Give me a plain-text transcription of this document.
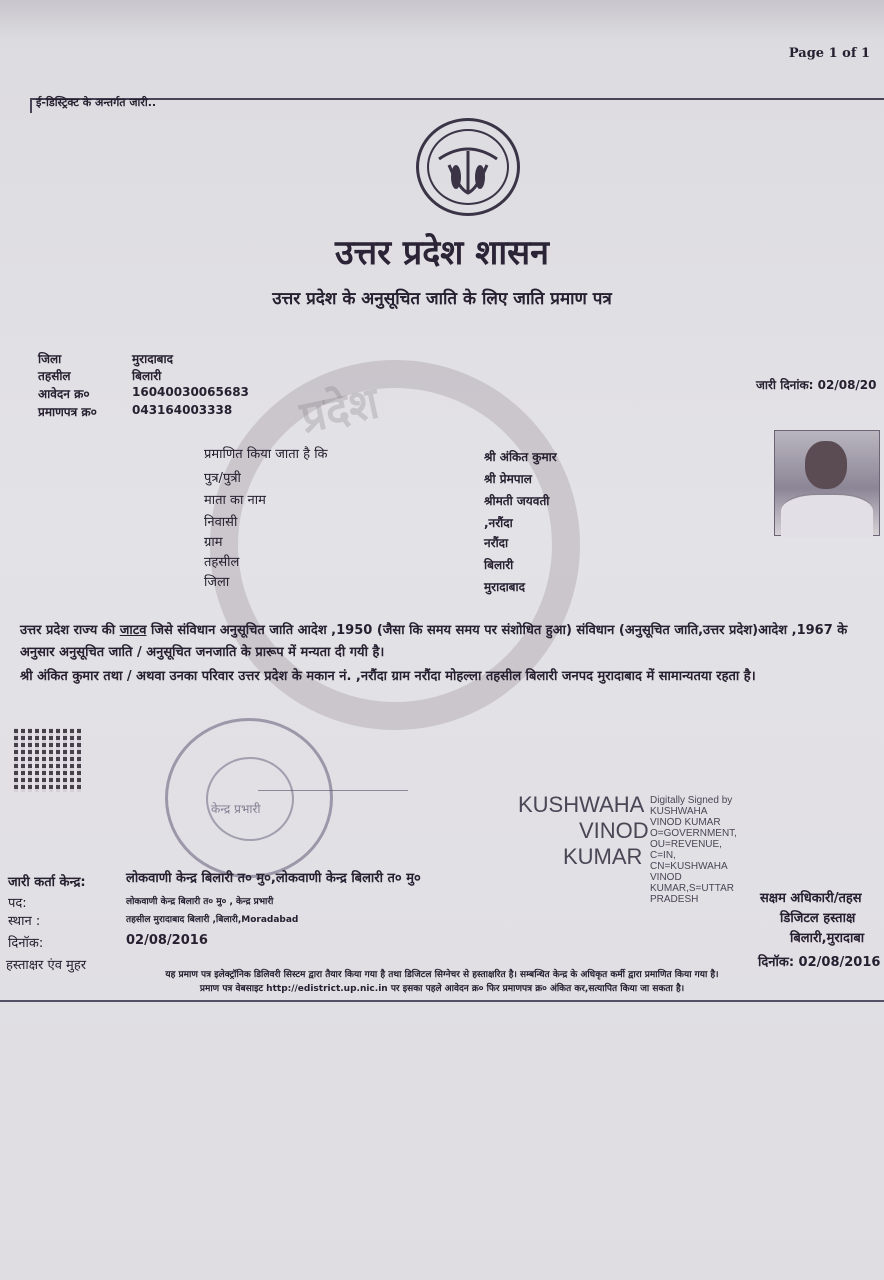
Page 1 of 1
ई-डिस्ट्रिक्ट के अन्तर्गत जारी..
प्रदेश
उत्तर प्रदेश शासन
उत्तर प्रदेश के अनुसूचित जाति के लिए जाति प्रमाण पत्र
जिला	मुरादाबाद
तहसील	बिलारी
आवेदन क्र०	16040030065683
प्रमाणपत्र क्र०	043164003338
जारी दिनांक: 02/08/20
प्रमाणित किया जाता है कि	श्री अंकित कुमार
पुत्र/पुत्री	श्री प्रेमपाल
माता का नाम	श्रीमती जयवती
निवासी	,नरौंदा
ग्राम	नरौंदा
तहसील	बिलारी
जिला	मुरादाबाद
उत्तर प्रदेश राज्य की जाटव जिसे संविधान अनुसूचित जाति आदेश ,1950 (जैसा कि समय समय पर संशोधित हुआ) संविधान (अनुसूचित जाति,उत्तर प्रदेश)आदेश ,1967 के अनुसार अनुसूचित जाति / अनुसूचित जनजाति के प्रारूप में मन्यता दी गयी है।
श्री अंकित कुमार तथा / अथवा उनका परिवार उत्तर प्रदेश के मकान नं. ,नरौंदा ग्राम नरौंदा मोहल्ला तहसील बिलारी जनपद मुरादाबाद में सामान्यतया रहता है।
केन्द्र प्रभारी	KUSHWAHA
VINOD
KUMAR
Digitally Signed by
KUSHWAHA
VINOD KUMAR
O=GOVERNMENT,
OU=REVENUE,
C=IN,
CN=KUSHWAHA
VINOD
KUMAR,S=UTTAR
PRADESH
जारी कर्ता केन्द्र:	लोकवाणी केन्द्र बिलारी त० मु०,लोकवाणी केन्द्र बिलारी त० मु०
पद:	लोकवाणी केन्द्र बिलारी त० मु० , केन्द्र प्रभारी
स्थान :	तहसील मुरादाबाद बिलारी ,बिलारी,Moradabad
दिनॉक:	02/08/2016
हस्ताक्षर एंव मुहर
सक्षम अधिकारी/तहस
डिजिटल हस्ताक्ष
बिलारी,मुरादाबा
दिनॉक: 02/08/2016
यह प्रमाण पत्र इलेक्ट्रॉनिक डिलिवरी सिस्टम द्वारा तैयार किया गया है तथा डिजिटल सिग्नेचर से हस्ताक्षरित है। सम्बन्धित केन्द्र के अधिकृत कर्मी द्वारा प्रमाणित किया गया है।
प्रमाण पत्र वेबसाइट http://edistrict.up.nic.in पर इसका पहले आवेदन क्र० फिर प्रमाणपत्र क्र० अंकित कर,सत्यापित किया जा सकता है।
